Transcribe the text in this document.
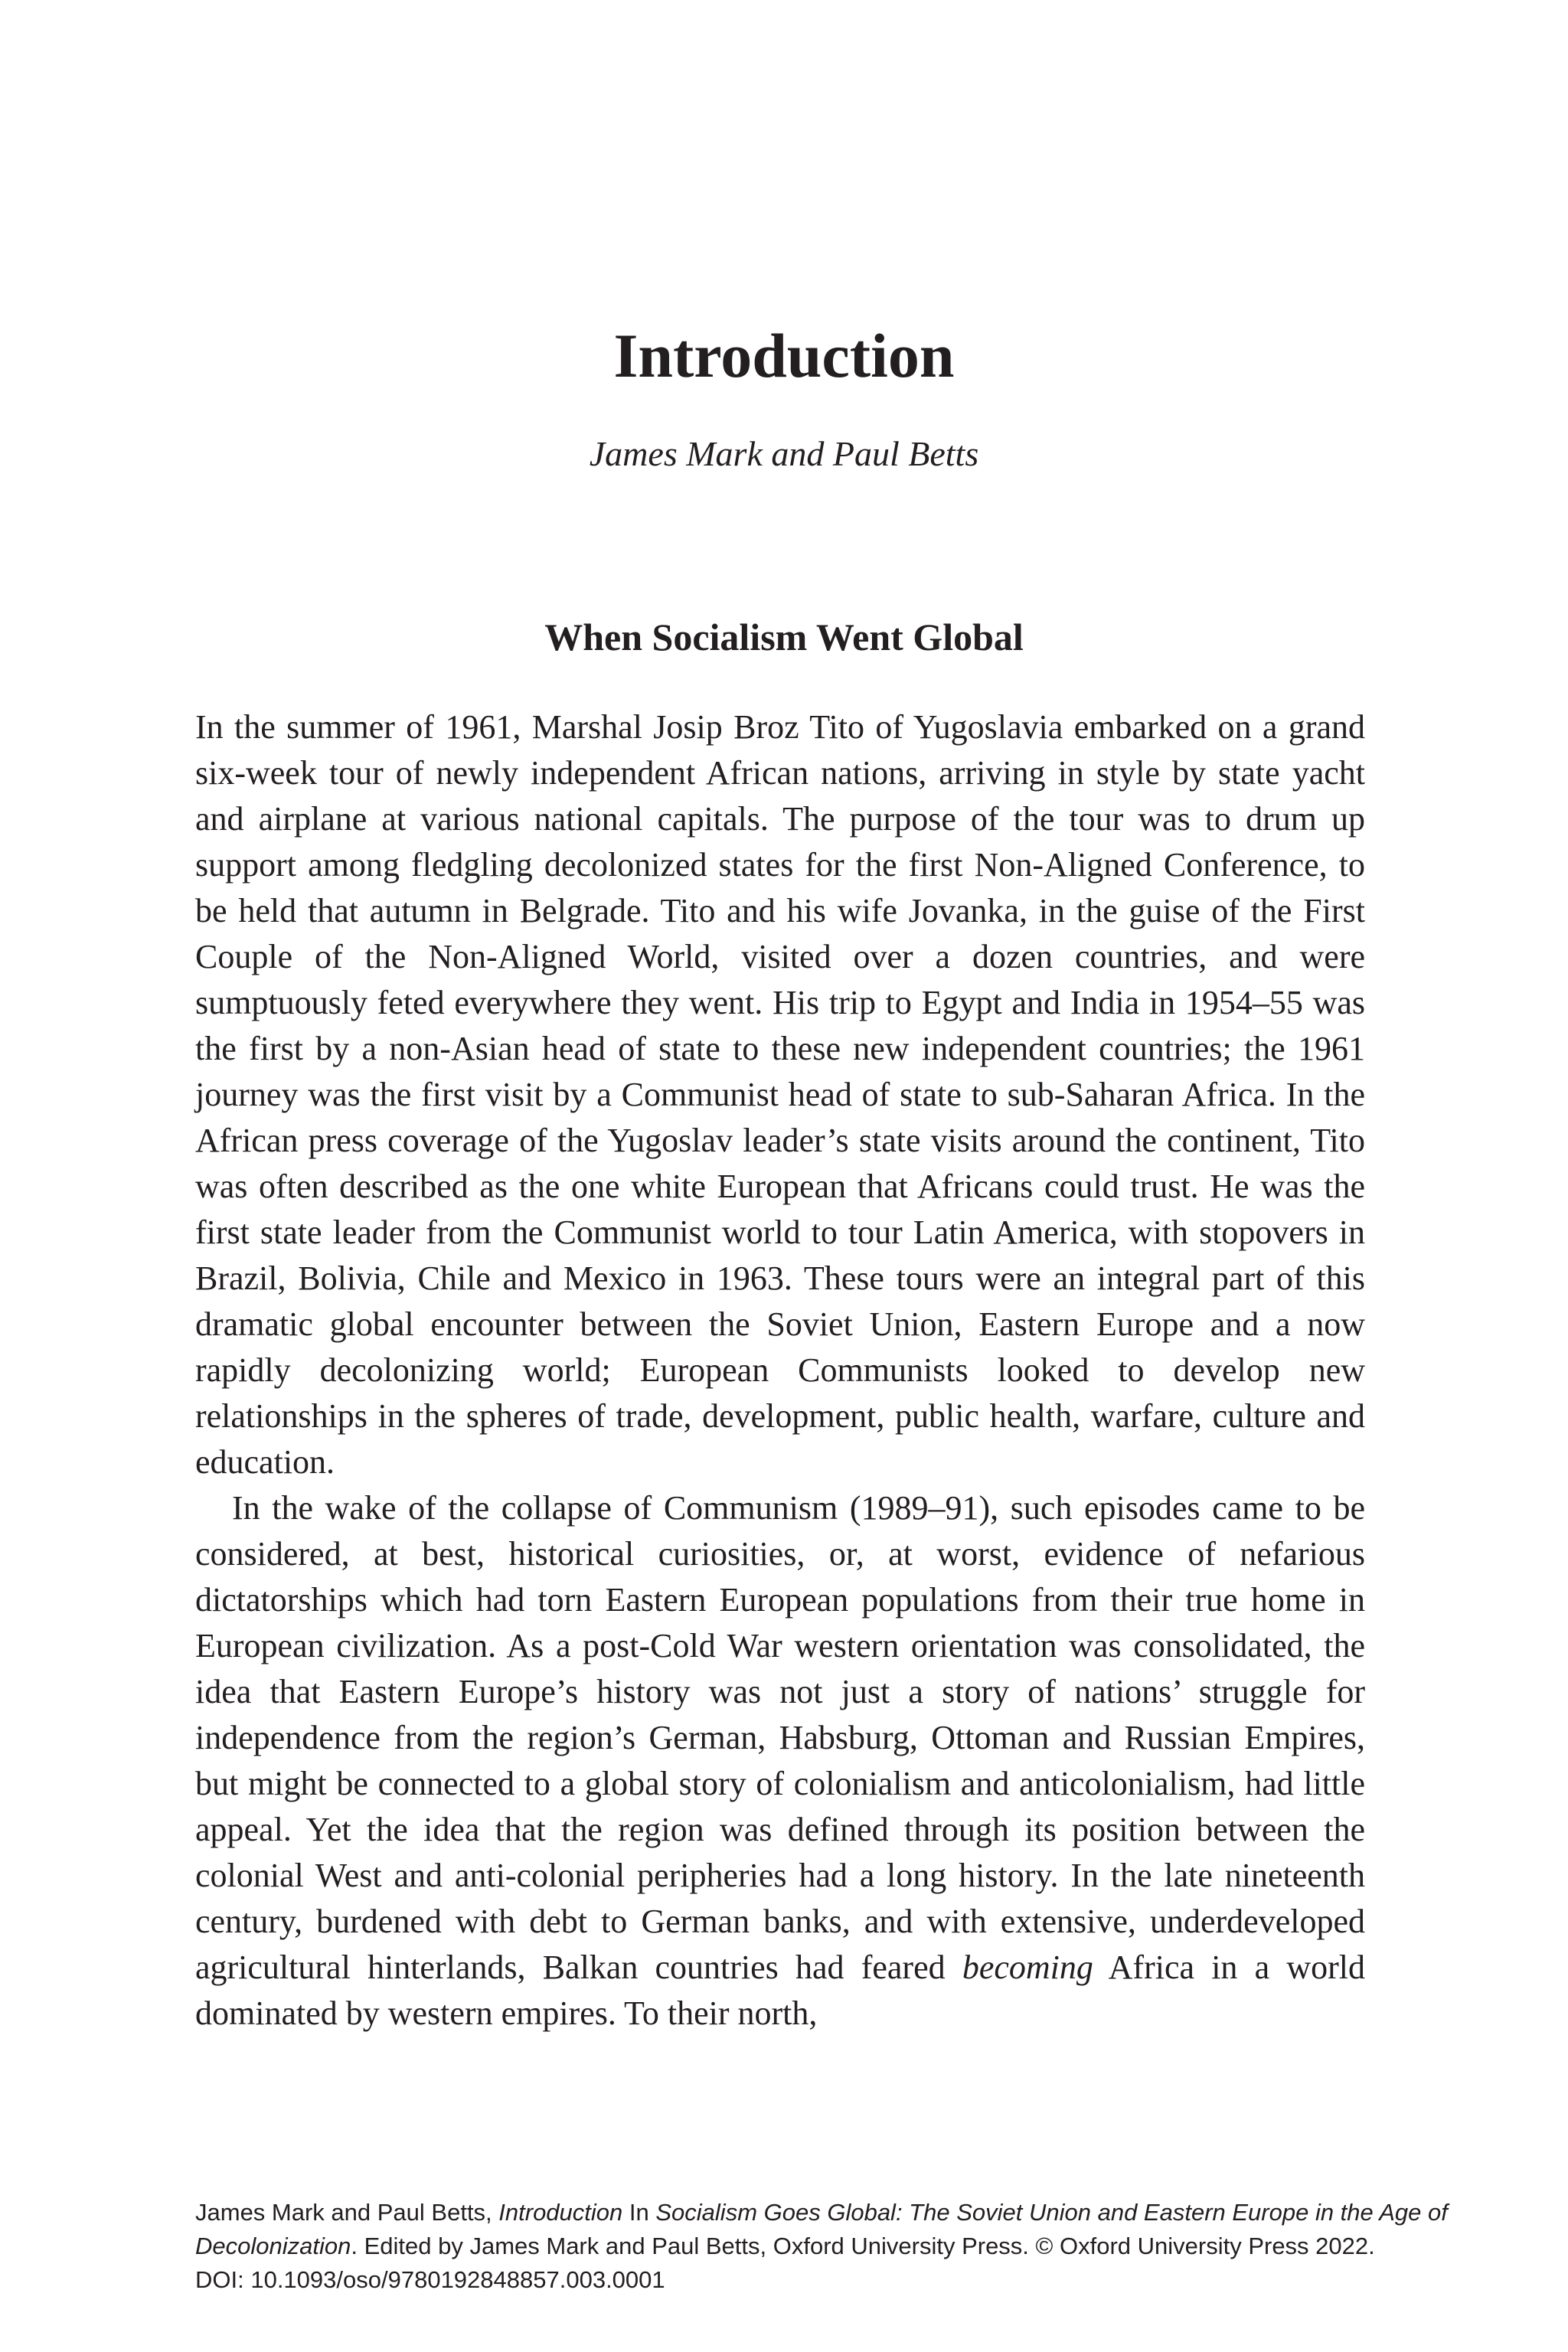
Introduction
James Mark and Paul Betts
When Socialism Went Global

In the summer of 1961, Marshal Josip Broz Tito of Yugoslavia embarked on a grand six-week tour of newly independent African nations, arriving in style by state yacht and airplane at various national capitals. The purpose of the tour was to drum up support among fledgling decolonized states for the first Non-Aligned Conference, to be held that autumn in Belgrade. Tito and his wife Jovanka, in the guise of the First Couple of the Non-Aligned World, visited over a dozen countries, and were sumptuously feted everywhere they went. His trip to Egypt and India in 1954–55 was the first by a non-Asian head of state to these new independent countries; the 1961 journey was the first visit by a Communist head of state to sub-Saharan Africa. In the African press coverage of the Yugoslav leader’s state visits around the continent, Tito was often described as the one white European that Africans could trust. He was the first state leader from the Communist world to tour Latin America, with stopovers in Brazil, Bolivia, Chile and Mexico in 1963. These tours were an integral part of this dramatic global encounter between the Soviet Union, Eastern Europe and a now rapidly decolonizing world; European Communists looked to develop new relationships in the spheres of trade, development, public health, warfare, culture and education.

In the wake of the collapse of Communism (1989–91), such episodes came to be considered, at best, historical curiosities, or, at worst, evidence of nefarious dictatorships which had torn Eastern European populations from their true home in European civilization. As a post-Cold War western orientation was consolidated, the idea that Eastern Europe’s history was not just a story of nations’ struggle for independence from the region’s German, Habsburg, Ottoman and Russian Empires, but might be connected to a global story of colonialism and anticolonialism, had little appeal. Yet the idea that the region was defined through its position between the colonial West and anti-colonial peripheries had a long history. In the late nineteenth century, burdened with debt to German banks, and with extensive, underdeveloped agricultural hinterlands, Balkan countries had feared becoming Africa in a world dominated by western empires. To their north,

James Mark and Paul Betts, Introduction In Socialism Goes Global: The Soviet Union and Eastern Europe in the Age of
Decolonization. Edited by James Mark and Paul Betts, Oxford University Press. © Oxford University Press 2022.
DOI: 10.1093/oso/9780192848857.003.0001
